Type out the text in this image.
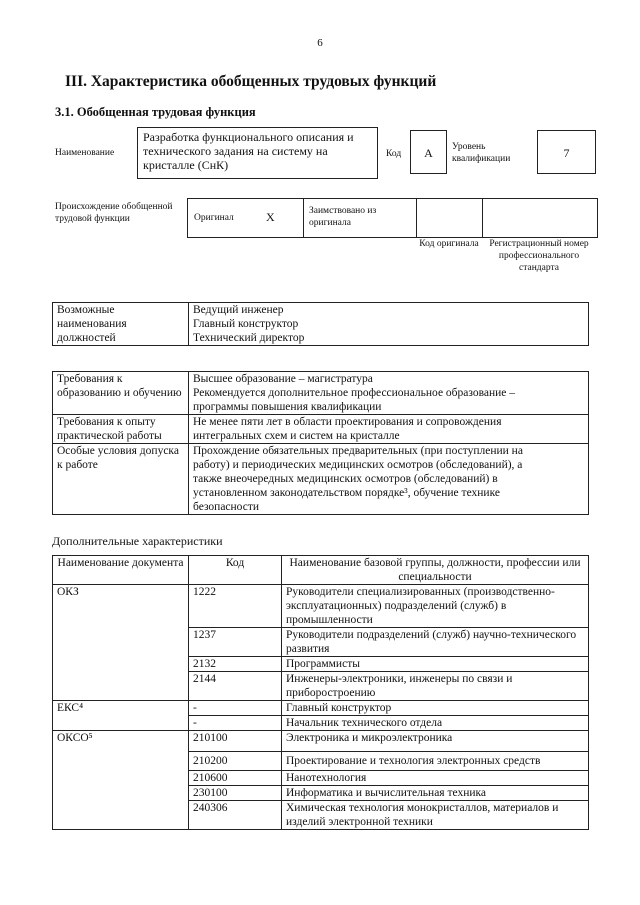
6
III. Характеристика обобщенных трудовых функций
3.1. Обобщенная трудовая функция
Наименование
Разработка функционального описания и технического задания на систему на кристалле (СнК)
Код	А	Уровень квалификации	7
Происхождение обобщенной трудовой функции	Оригинал	X	Заимствовано из оригинала
Код оригинала	Регистрационный номер профессионального стандарта
Возможные наименования должностей	
Ведущий инженер
Главный конструктор
Технический директор
Требования к образованию и обучению	Высшее образование – магистратура
Рекомендуется дополнительное профессиональное образование –
программы повышения квалификации

Требования к опыту практической работы	Не менее пяти лет в области проектирования и сопровождения
интегральных схем и систем на кристалле

Особые условия допуска к работе	Прохождение обязательных предварительных (при поступлении на
работу) и периодических медицинских осмотров (обследований), а
также внеочередных медицинских осмотров (обследований) в
установленном законодательством порядке³, обучение технике
безопасности
Дополнительные характеристики
Наименование документа	Код	Наименование базовой группы, должности, профессии или специальности
ОКЗ	1222	Руководители специализированных (производственно-эксплуатационных) подразделений (служб) в промышленности
	1237	Руководители подразделений (служб) научно-технического развития
	2132	Программисты
	2144	Инженеры-электроники, инженеры по связи и приборостроению
ЕКС⁴	-	Главный конструктор
	-	Начальник технического отдела
ОКСО⁵	210100	Электроника и микроэлектроника
	210200	Проектирование и технология электронных средств
	210600	Нанотехнология
	230100	Информатика и вычислительная техника
	240306	Химическая технология монокристаллов, материалов и изделий электронной техники
